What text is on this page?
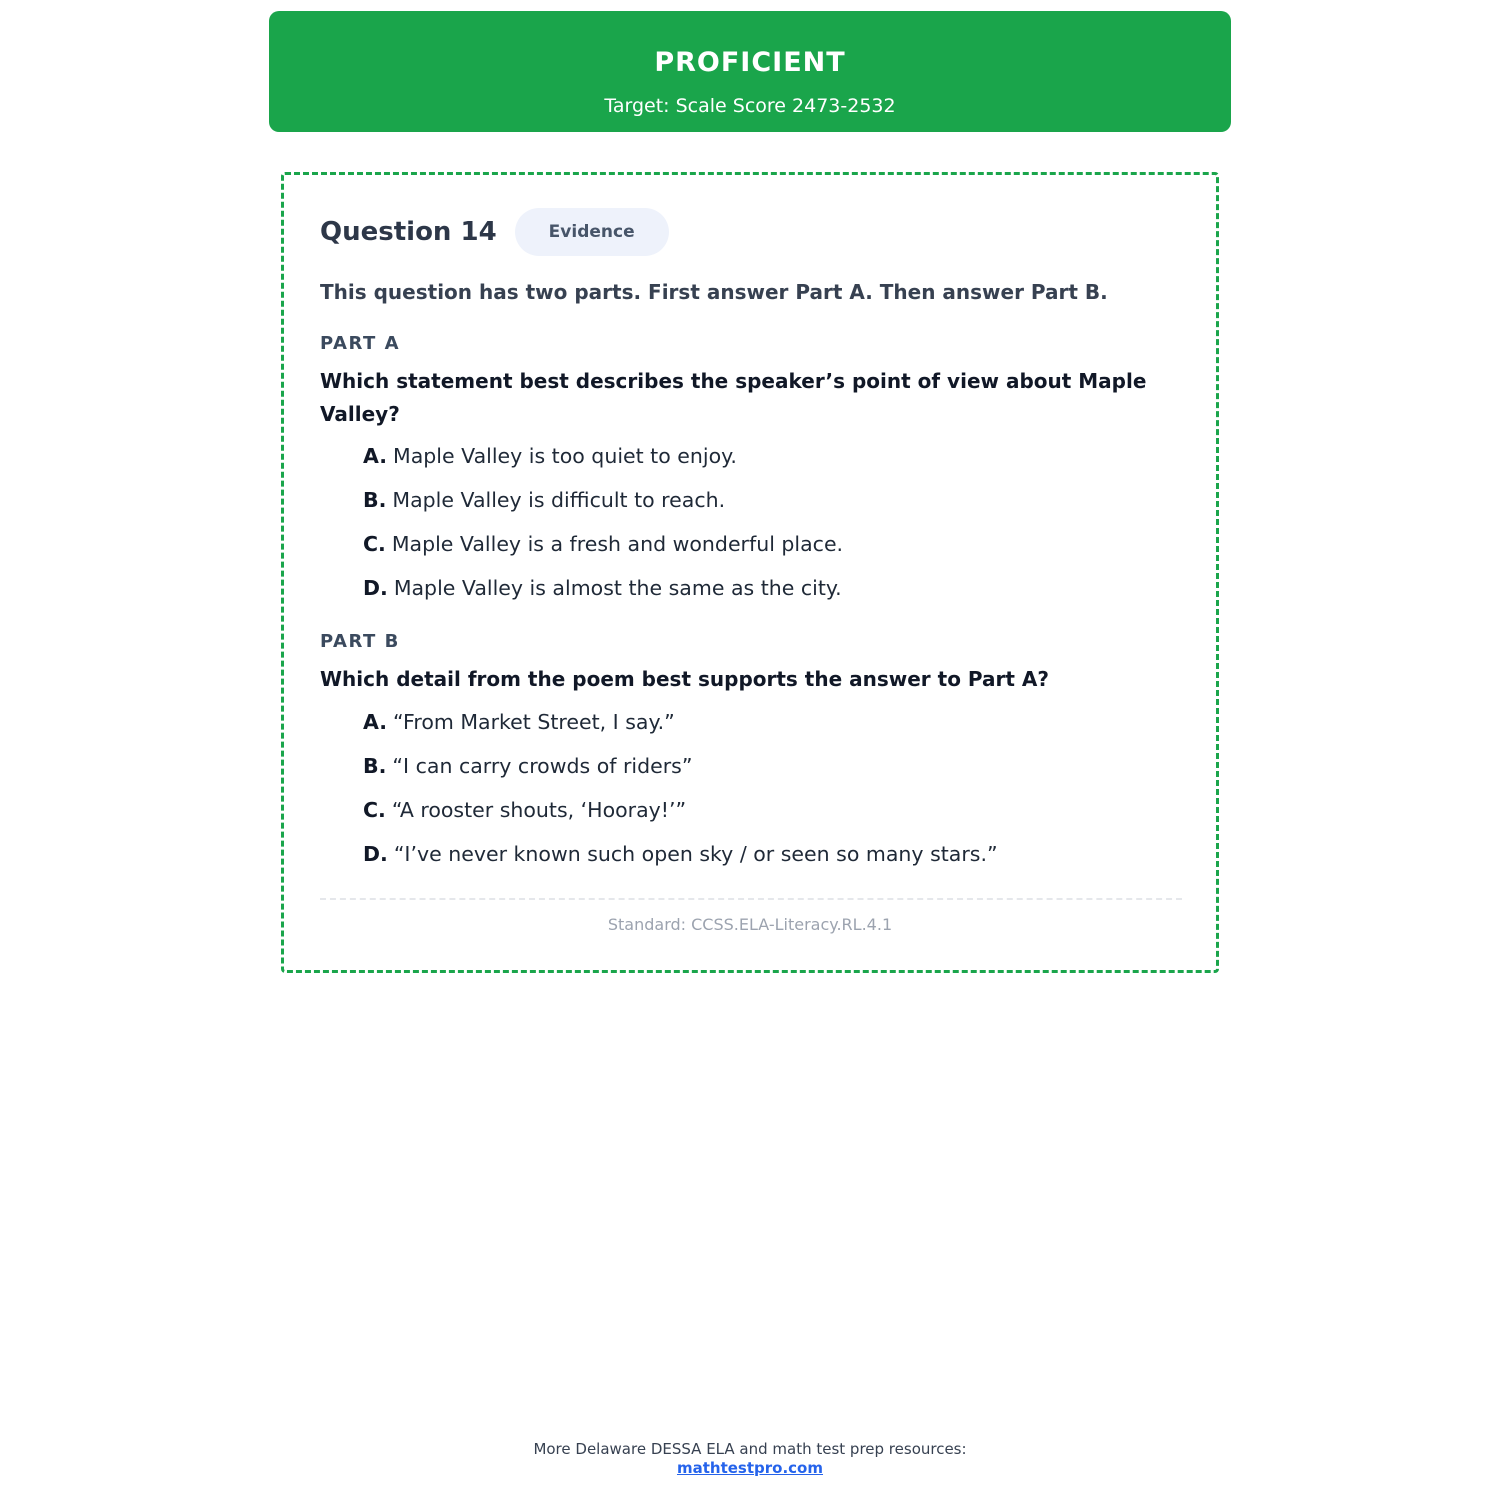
PROFICIENT
Target: Scale Score 2473-2532
Question 14	Evidence
This question has two parts. First answer Part A. Then answer Part B.
PART A
Which statement best describes the speaker’s point of view about Maple Valley?
A. Maple Valley is too quiet to enjoy.
B. Maple Valley is difficult to reach.
C. Maple Valley is a fresh and wonderful place.
D. Maple Valley is almost the same as the city.
PART B
Which detail from the poem best supports the answer to Part A?
A. “From Market Street, I say.”
B. “I can carry crowds of riders”
C. “A rooster shouts, ‘Hooray!’”
D. “I’ve never known such open sky / or seen so many stars.”
Standard: CCSS.ELA-Literacy.RL.4.1
More Delaware DESSA ELA and math test prep resources:
mathtestpro.com
